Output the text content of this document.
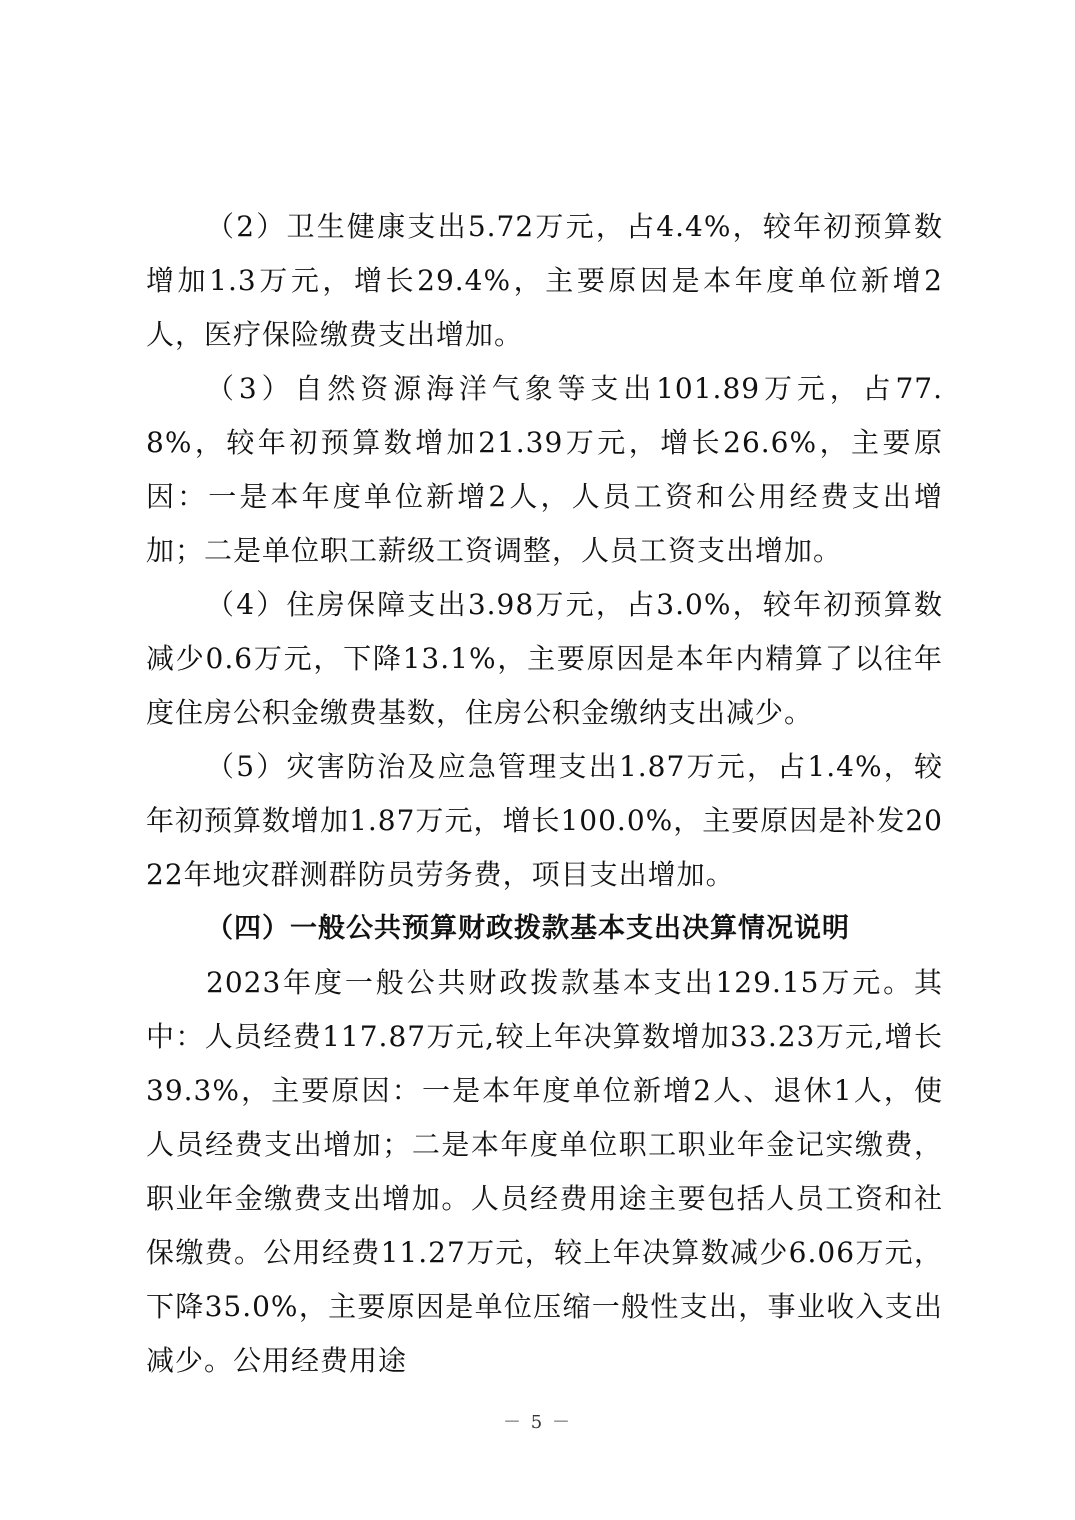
（2）卫生健康支出5.72万元，占4.4%，较年初预算数增加1.3万元，增长29.4%，主要原因是本年度单位新增2人，医疗保险缴费支出增加。

（3）自然资源海洋气象等支出101.89万元，占77.8%，较年初预算数增加21.39万元，增长26.6%，主要原因：一是本年度单位新增2人，人员工资和公用经费支出增加；二是单位职工薪级工资调整，人员工资支出增加。

（4）住房保障支出3.98万元，占3.0%，较年初预算数减少0.6万元，下降13.1%，主要原因是本年内精算了以往年度住房公积金缴费基数，住房公积金缴纳支出减少。

（5）灾害防治及应急管理支出1.87万元，占1.4%，较年初预算数增加1.87万元，增长100.0%，主要原因是补发2022年地灾群测群防员劳务费，项目支出增加。

（四）一般公共预算财政拨款基本支出决算情况说明

2023年度一般公共财政拨款基本支出129.15万元。其中：人员经费117.87万元,较上年决算数增加33.23万元,增长39.3%，主要原因：一是本年度单位新增2人、退休1人，使人员经费支出增加；二是本年度单位职工职业年金记实缴费，职业年金缴费支出增加。人员经费用途主要包括人员工资和社保缴费。公用经费11.27万元，较上年决算数减少6.06万元，下降35.0%，主要原因是单位压缩一般性支出，事业收入支出减少。公用经费用途

－ 5 －
